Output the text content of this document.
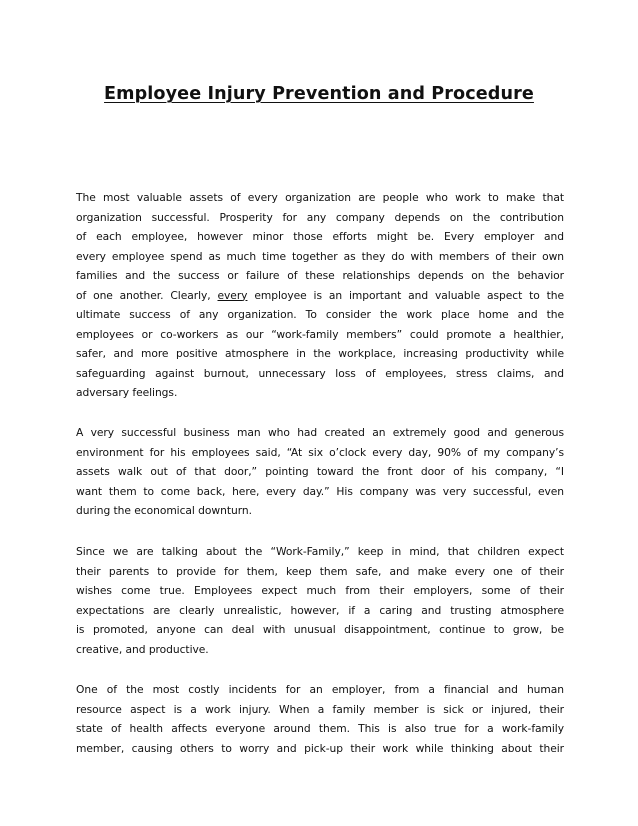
Employee Injury Prevention and Procedure

The most valuable assets of every organization are people who work to make that
organization successful. Prosperity for any company depends on the contribution
of each employee, however minor those efforts might be. Every employer and
every employee spend as much time together as they do with members of their own
families and the success or failure of these relationships depends on the behavior
of one another. Clearly, every employee is an important and valuable aspect to the
ultimate success of any organization. To consider the work place home and the
employees or co-workers as our “work-family members” could promote a healthier,
safer, and more positive atmosphere in the workplace, increasing productivity while
safeguarding against burnout, unnecessary loss of employees, stress claims, and
adversary feelings.

A very successful business man who had created an extremely good and generous
environment for his employees said, “At six o’clock every day, 90% of my company’s
assets walk out of that door,” pointing toward the front door of his company, “I
want them to come back, here, every day.” His company was very successful, even
during the economical downturn.

Since we are talking about the “Work-Family,” keep in mind, that children expect
their parents to provide for them, keep them safe, and make every one of their
wishes come true. Employees expect much from their employers, some of their
expectations are clearly unrealistic, however, if a caring and trusting atmosphere
is promoted, anyone can deal with unusual disappointment, continue to grow, be
creative, and productive.

One of the most costly incidents for an employer, from a financial and human
resource aspect is a work injury. When a family member is sick or injured, their
state of health affects everyone around them. This is also true for a work-family
member, causing others to worry and pick-up their work while thinking about their
